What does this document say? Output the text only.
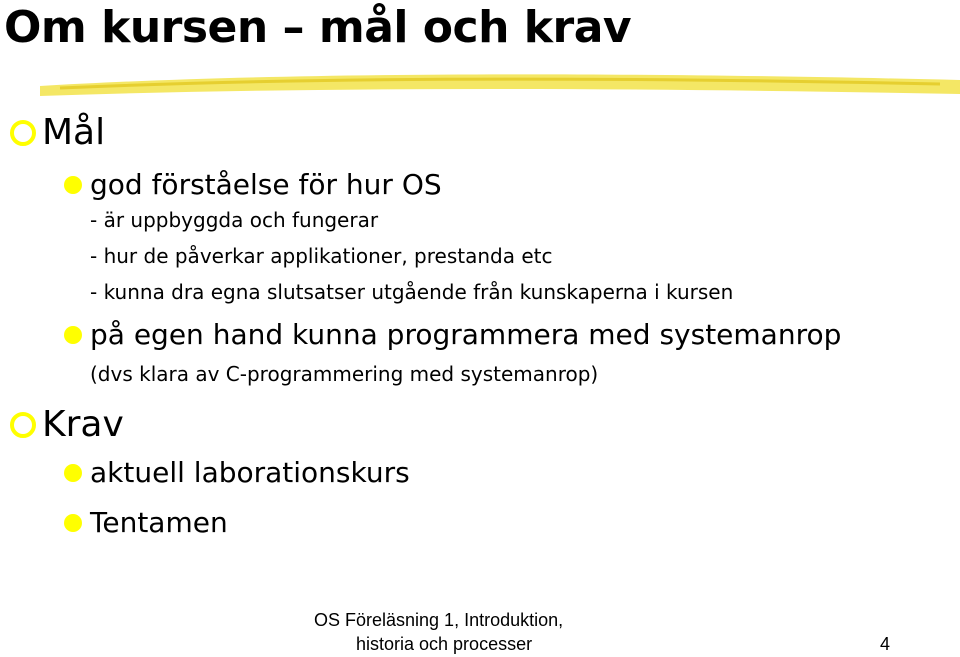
Om kursen – mål och krav
Mål
god förståelse för hur OS
- är uppbyggda och fungerar
- hur de påverkar applikationer, prestanda etc
- kunna dra egna slutsatser utgående från kunskaperna i kursen
på egen hand kunna programmera med systemanrop
(dvs klara av C-programmering med systemanrop)
Krav
aktuell laborationskurs
Tentamen
OS Föreläsning 1, Introduktion,
historia och processer	4
